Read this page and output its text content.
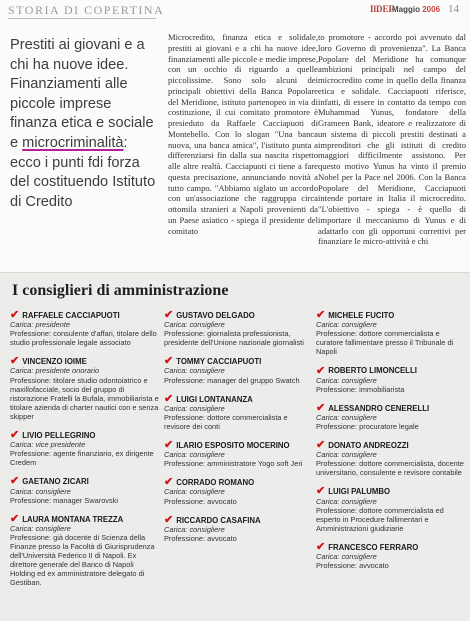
STORIA DI COPERTINA	IlDEF
Maggio 2006 14
Prestiti ai giovani e a chi ha nuove idee. Finanziamenti alle piccole imprese finanza etica e sociale e microcriminalità: ecco i punti fdi forza del costituendo Istituto di Credito
Microcredito, finanza etica e solidale, prestiti ai giovani e a chi ha nuove idee, finanziamenti alle piccole e medie imprese, con un occhio di riguardo a quelle piccolissime. Sono solo alcuni dei principali obiettivi della Banca Popolare del Meridione, istituto partenopeo in via di costituzione, il cui comitato promotore è presieduto da Raffaele Cacciapuoti di Montebello. Con lo slogan "Una banca nuova, una banca amica", l'istituto punta a differenziarsi fin dalla sua nascita rispetto alle altre realtà. Cacciapuoti ci tiene a fare questa precisazione, annunciando novità a tutto campo. "Abbiamo siglato un accordo con un'associazione che raggruppa circa ottomila stranieri a Napoli provenienti da un Paese asiatico - spiega il presidente del comitato
to promotore - accordo poi avvenuto dal loro Governo di provenienza". La Banca Popolare del Meridione ha comunque ambizioni principali nel campo del microcredito come in quello della finanza etica e solidale. Cacciapuoti riferisce, infatti, di essere in contatto da tempo con Muhammad Yunus, fondatore della Grameen Bank, ideatore e realizzatore di un sistema di piccoli prestiti destinati a imprenditori che gli istituti di credito maggiori difficilmente assistono. Per questo motivo Yunus ha vinto il premio Nobel per la Pace nel 2006. Con la Banca Popolare del Meridione, Cacciapuoti intende portare in Italia il microcredito. "L'obiettivo - spiega - è quello di importare il meccanismo di Yunus e di adattarlo con gli opportuni correttivi per finanziare le micro-attività e chi
I consiglieri di amministrazione
✔ RAFFAELE CACCIAPUOTI
Carica: presidente
Professione: consulente d'affari, titolare dello studio professionale legale associato
✔ VINCENZO IOIME
Carica: presidente onorario
Professione: titolare studio odontoiatrico e maxillofacciale, socio del gruppo di ristorazione Fratelli la Bufala, immobiliarista e titolare azienda di charter nautici con e senza skipper
✔ LIVIO PELLEGRINO
Carica: vice presidente
Professione: agente finanziario, ex dirigente Credem
✔ GAETANO ZICARI
Carica: consigliere
Professione: manager Swarovski
✔ LAURA MONTANA TREZZA
Carica: consigliere
Professione: già docente di Scienza della Finanze presso la Facoltà di Giurisprudenza dell'Università Federico II di Napoli. Ex direttore generale del Banco di Napoli Holding ed ex amministratore delegato di Gestiban.
✔ GUSTAVO DELGADO
Carica: consigliere
Professione: giornalista professionista, presidente dell'Unione nazionale giornalisti
✔ TOMMY CACCIAPUOTI
Carica: consigliere
Professione: manager del gruppo Swatch
✔ LUIGI LONTANANZA
Carica: consigliere
Professione: dottore commercialista e revisore dei conti
✔ ILARIO ESPOSITO MOCERINO
Carica: consigliere
Professione: amministratore Yogo soft Jeri
✔ CORRADO ROMANO
Carica: consigliere
Professione: avvocato
✔ RICCARDO CASAFINA
Carica: consigliere
Professione: avvocato
✔ MICHELE FUCITO
Carica: consigliere
Professione: dottore commercialista e curatore fallimentare presso il Tribunale di Napoli
✔ ROBERTO LIMONCELLI
Carica: consigliere
Professione: immobiliarista
✔ ALESSANDRO CENERELLI
Carica: consigliere
Professione: procuratore legale
✔ DONATO ANDREOZZI
Carica: consigliere
Professione: dottore commercialista, docente universitario, consulente e revisore contabile
✔ LUIGI PALUMBO
Carica: consigliere
Professione: dottore commercialista ed esperto in Procedure fallimentari e Amministrazioni giudiziarie
✔ FRANCESCO FERRARO
Carica: consigliere
Professione: avvocato
